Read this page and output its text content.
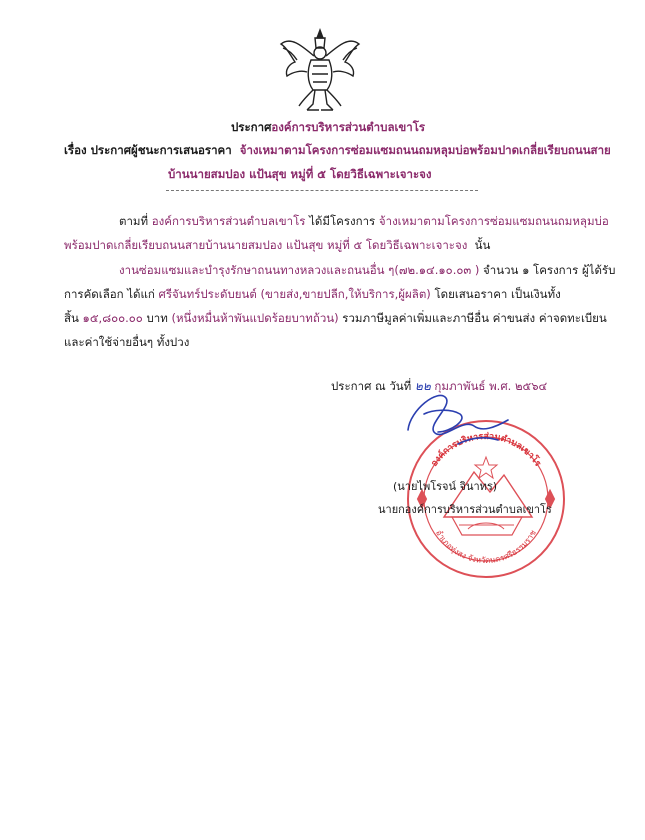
ประกาศองค์การบริหารส่วนตำบลเขาโร
เรื่อง ประกาศผู้ชนะการเสนอราคา จ้างเหมาตามโครงการซ่อมแซมถนนถมหลุมบ่อพร้อมปาดเกลี่ยเรียบถนนสาย
บ้านนายสมปอง แป้นสุข หมู่ที่ ๕ โดยวิธีเฉพาะเจาะจง
ตามที่ องค์การบริหารส่วนตำบลเขาโร ได้มีโครงการ จ้างเหมาตามโครงการซ่อมแซมถนนถมหลุมบ่อ
พร้อมปาดเกลี่ยเรียบถนนสายบ้านนายสมปอง แป้นสุข หมู่ที่ ๕ โดยวิธีเฉพาะเจาะจง นั้น
งานซ่อมแซมและบำรุงรักษาถนนทางหลวงและถนนอื่น ๆ(๗๒.๑๔.๑๐.๐๓ ) จำนวน ๑ โครงการ ผู้ได้รับ
การคัดเลือก ได้แก่ ศรีจันทร์ประดับยนต์ (ขายส่ง,ขายปลีก,ให้บริการ,ผู้ผลิต) โดยเสนอราคา เป็นเงินทั้ง
สิ้น ๑๕,๘๐๐.๐๐ บาท (หนึ่งหมื่นห้าพันแปดร้อยบาทถ้วน) รวมภาษีมูลค่าเพิ่มและภาษีอื่น ค่าขนส่ง ค่าจดทะเบียน
และค่าใช้จ่ายอื่นๆ ทั้งปวง
ประกาศ ณ วันที่ ๒๒ กุมภาพันธ์ พ.ศ. ๒๕๖๔
องค์การบริหารส่วนตำบลเขาโร
อำเภอทุ่งสง จังหวัดนครศรีธรรมราช
(นายไพโรจน์ จินาทร)
นายกองค์การบริหารส่วนตำบลเขาโร
